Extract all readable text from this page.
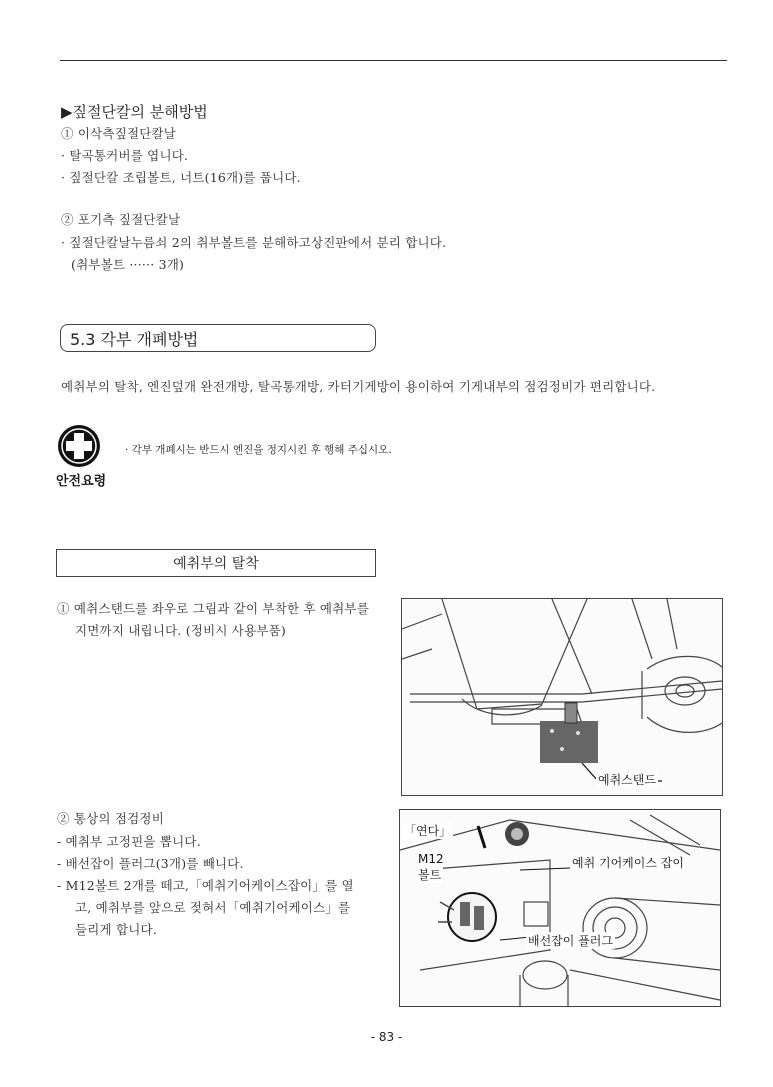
▶짚절단칼의 분해방법
① 이삭측짚절단칼날
· 탈곡통커버를 엽니다.
· 짚절단칼 조립볼트, 너트(16개)를 풉니다.
② 포기측 짚절단칼날
· 짚절단칼날누름쇠 2의 취부볼트를 분해하고상진판에서 분리 합니다.
(취부볼트 ······ 3개)
5.3 각부 개폐방법
예취부의 탈착, 엔진덮개 완전개방, 탈곡통개방, 카터기게방이 용이하여 기게내부의 점검정비가 편리합니다.
안전요령
· 각부 개폐시는 반드시 엔진을 정지시킨 후 행해 주십시오.
예취부의 탈착
① 예취스탠드를 좌우로 그림과 같이 부착한 후 예취부를
지면까지 내립니다. (정비시 사용부품)
② 통상의 점검정비
- 예취부 고정핀을 뽑니다.
- 배선잡이 플러그(3개)를 빼니다.
- M12볼트 2개를 떼고,「예취기어케이스잡이」를 열
고, 예취부를 앞으로 젖혀서「예취기어케이스」를
들리게 합니다.
예취스탠드
「연다」
M12
볼트
예취 기어케이스 잡이
배선잡이 플러그
- 83 -
